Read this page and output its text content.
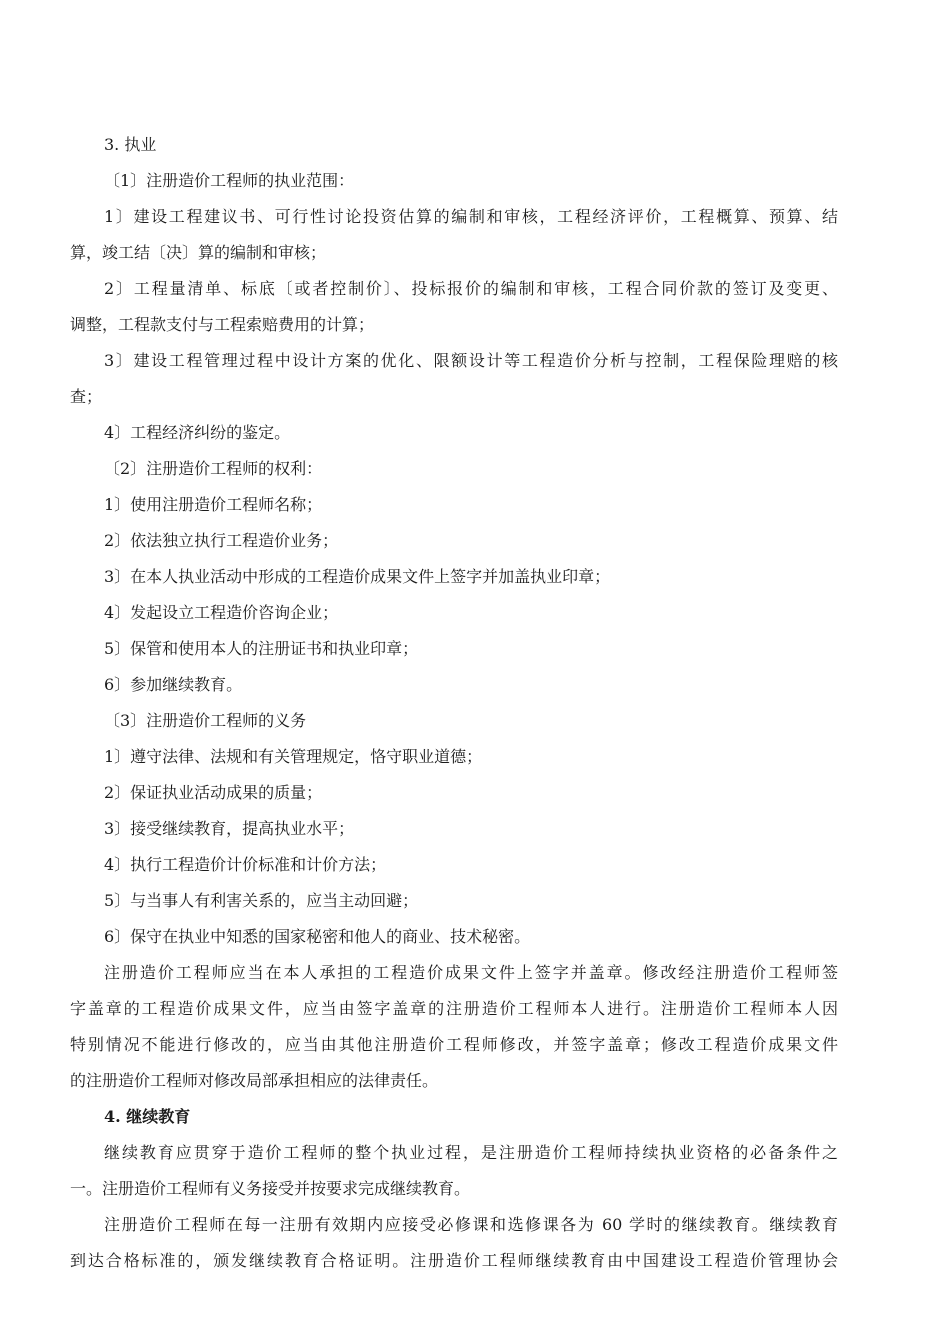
3. 执业
〔1〕注册造价工程师的执业范围：
1〕建设工程建议书、可行性讨论投资估算的编制和审核，工程经济评价，工程概算、预算、结
算，竣工结〔决〕算的编制和审核；
2〕工程量清单、标底〔或者控制价〕、投标报价的编制和审核，工程合同价款的签订及变更、
调整，工程款支付与工程索赔费用的计算；
3〕建设工程管理过程中设计方案的优化、限额设计等工程造价分析与控制，工程保险理赔的核
查；
4〕工程经济纠纷的鉴定。
〔2〕注册造价工程师的权利：
1〕使用注册造价工程师名称；
2〕依法独立执行工程造价业务；
3〕在本人执业活动中形成的工程造价成果文件上签字并加盖执业印章；
4〕发起设立工程造价咨询企业；
5〕保管和使用本人的注册证书和执业印章；
6〕参加继续教育。
〔3〕注册造价工程师的义务
1〕遵守法律、法规和有关管理规定，恪守职业道德；
2〕保证执业活动成果的质量；
3〕接受继续教育，提高执业水平；
4〕执行工程造价计价标准和计价方法；
5〕与当事人有利害关系的，应当主动回避；
6〕保守在执业中知悉的国家秘密和他人的商业、技术秘密。
注册造价工程师应当在本人承担的工程造价成果文件上签字并盖章。修改经注册造价工程师签
字盖章的工程造价成果文件，应当由签字盖章的注册造价工程师本人进行。注册造价工程师本人因
特别情况不能进行修改的，应当由其他注册造价工程师修改，并签字盖章；修改工程造价成果文件
的注册造价工程师对修改局部承担相应的法律责任。
4. 继续教育
继续教育应贯穿于造价工程师的整个执业过程，是注册造价工程师持续执业资格的必备条件之
一。注册造价工程师有义务接受并按要求完成继续教育。
注册造价工程师在每一注册有效期内应接受必修课和选修课各为 60 学时的继续教育。继续教育
到达合格标准的，颁发继续教育合格证明。注册造价工程师继续教育由中国建设工程造价管理协会
